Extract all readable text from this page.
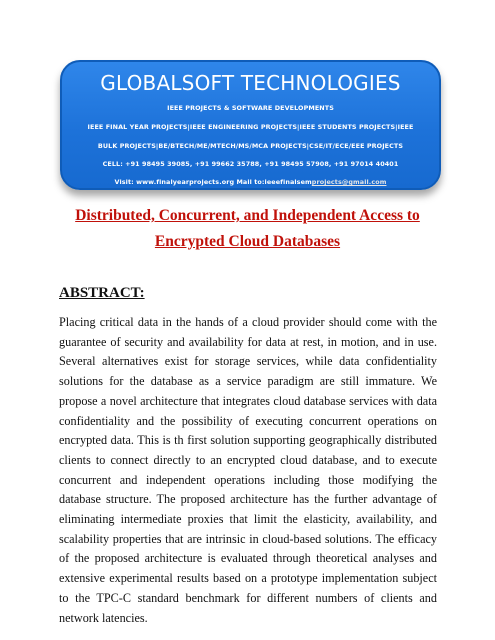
GLOBALSOFT TECHNOLOGIES
IEEE PROJECTS & SOFTWARE DEVELOPMENTS
IEEE FINAL YEAR PROJECTS|IEEE ENGINEERING PROJECTS|IEEE STUDENTS PROJECTS|IEEE
BULK PROJECTS|BE/BTECH/ME/MTECH/MS/MCA PROJECTS|CSE/IT/ECE/EEE PROJECTS
CELL: +91 98495 39085, +91 99662 35788, +91 98495 57908, +91 97014 40401
Visit: www.finalyearprojects.org Mail to:ieeefinalsemprojects@gmail.com
Distributed, Concurrent, and Independent Access to
Encrypted Cloud Databases
ABSTRACT:
Placing critical data in the hands of a cloud provider should come with the guarantee of security and availability for data at rest, in motion, and in use. Several alternatives exist for storage services, while data confidentiality solutions for the database as a service paradigm are still immature. We propose a novel architecture that integrates cloud database services with data confidentiality and the possibility of executing concurrent operations on encrypted data. This is th first solution supporting geographically distributed clients to connect directly to an encrypted cloud database, and to execute concurrent and independent operations including those modifying the database structure. The proposed architecture has the further advantage of eliminating intermediate proxies that limit the elasticity, availability, and scalability properties that are intrinsic in cloud-based solutions. The efficacy of the proposed architecture is evaluated through theoretical analyses and extensive experimental results based on a prototype implementation subject to the TPC-C standard benchmark for different numbers of clients and network latencies.
